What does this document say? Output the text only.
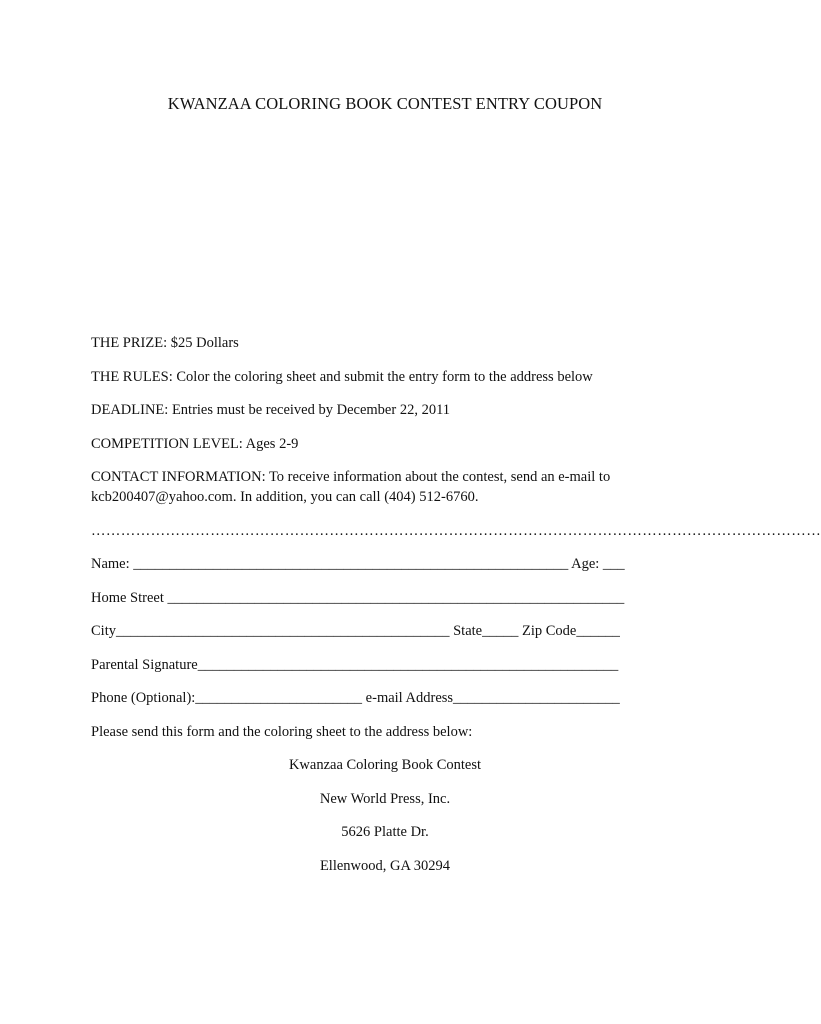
KWANZAA COLORING BOOK CONTEST ENTRY COUPON
THE PRIZE: $25 Dollars
THE RULES: Color the coloring sheet and submit the entry form to the address below
DEADLINE: Entries must be received by December 22, 2011
COMPETITION LEVEL: Ages 2-9
CONTACT INFORMATION: To receive information about the contest, send an e-mail to kcb200407@yahoo.com. In addition, you can call (404) 512-6760.
…………………………………………………………………………………………………………………………………
Name: ____________________________________________________________ Age: ___
Home Street _______________________________________________________________
City______________________________________________ State_____ Zip Code______
Parental Signature__________________________________________________________
Phone (Optional):_______________________ e-mail Address_______________________
Please send this form and the coloring sheet to the address below:
Kwanzaa Coloring Book Contest
New World Press, Inc.
5626 Platte Dr.
Ellenwood, GA 30294
